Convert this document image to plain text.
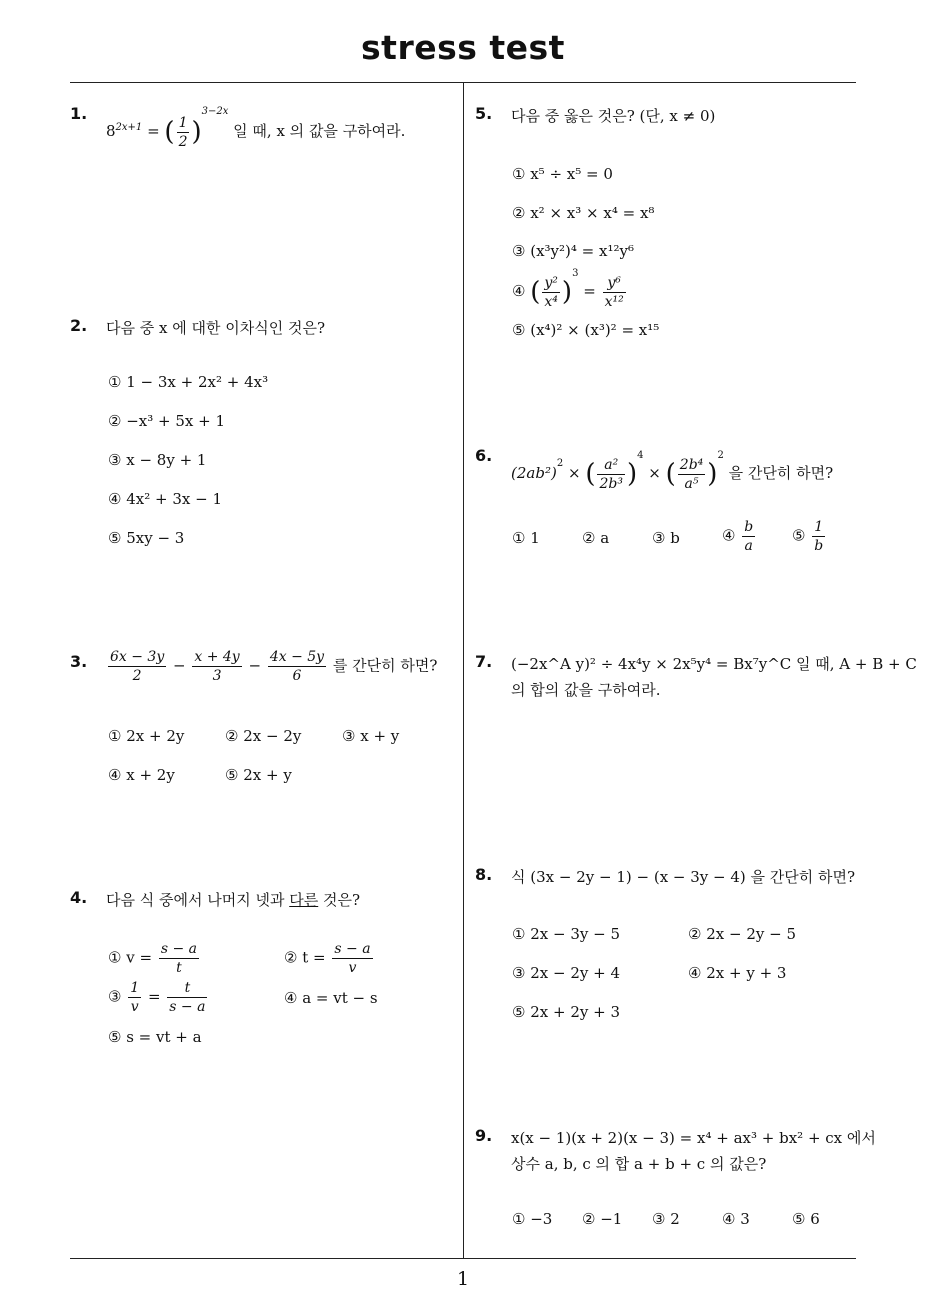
stress test
1
1.
$8^{2x+1}$ = ( $\frac{1}{2} )^{3-2x}$ 일 때, x 의 값을 구하여라.
2. 다음 중 x 에 대한 이차식인 것은?
① 1 − 3x + 2x² + 4x³
② −x³ + 5x + 1
③ x − 8y + 1
④ 4x² + 3x − 1
⑤ 5xy − 3
3. $\frac{6x - 3y}{2} - \frac{x + 4y}{3} - \frac{4x - 5y}{6}$ 를 간단히 하면?
① 2x + 2y	② 2x − 2y	③ x + y
④ x + 2y	⑤ 2x + y
4. 다음 식 중에서 나머지 넷과 다른 것은?
① $v = \frac{s - a}{t}$	② $t = \frac{s - a}{v}$
③ $\frac{1}{v} = \frac{t}{s - a}$	④ a = vt − s
⑤ s = vt + a
5. 다음 중 옳은 것은? (단, x ≠ 0)
① x⁵ ÷ x⁵ = 0
② x² × x³ × x⁴ = x⁸
③ (x³y²)⁴ = x¹²y⁶
④ ( $\frac{\text{y²}}{\text{x⁴}} )^3 = \frac{\text{y⁶}}{\text{x¹²}}$
⑤ (x⁴)² × (x³)² = x¹⁵
6.
$(2ab^2)^2$ × ( $\frac{\text{a²}}{\text{2b³}} )^4$ × ( $\frac{\text{2b⁴}}{\text{a⁵}} )^2$ 을 간단히 하면?
① 1	② a	③ b	④ $\frac{b}{a}$ ⑤ $\frac{1}{b}$
7. (−2x^A y)² ÷ 4x⁴y × 2x⁵y⁴ = Bx⁷y^C 일 때, A + B + C
의 합의 값을 구하여라.
8. 식 (3x − 2y − 1) − (x − 3y − 4) 을 간단히 하면?
① 2x − 3y − 5	② 2x − 2y − 5
③ 2x − 2y + 4	④ 2x + y + 3
⑤ 2x + 2y + 3
9. x(x − 1)(x + 2)(x − 3) = x⁴ + ax³ + bx² + cx 에서
상수 a, b, c 의 합 a + b + c 의 값은?
① −3 ② −1 ③ 2	④ 3	⑤ 6
